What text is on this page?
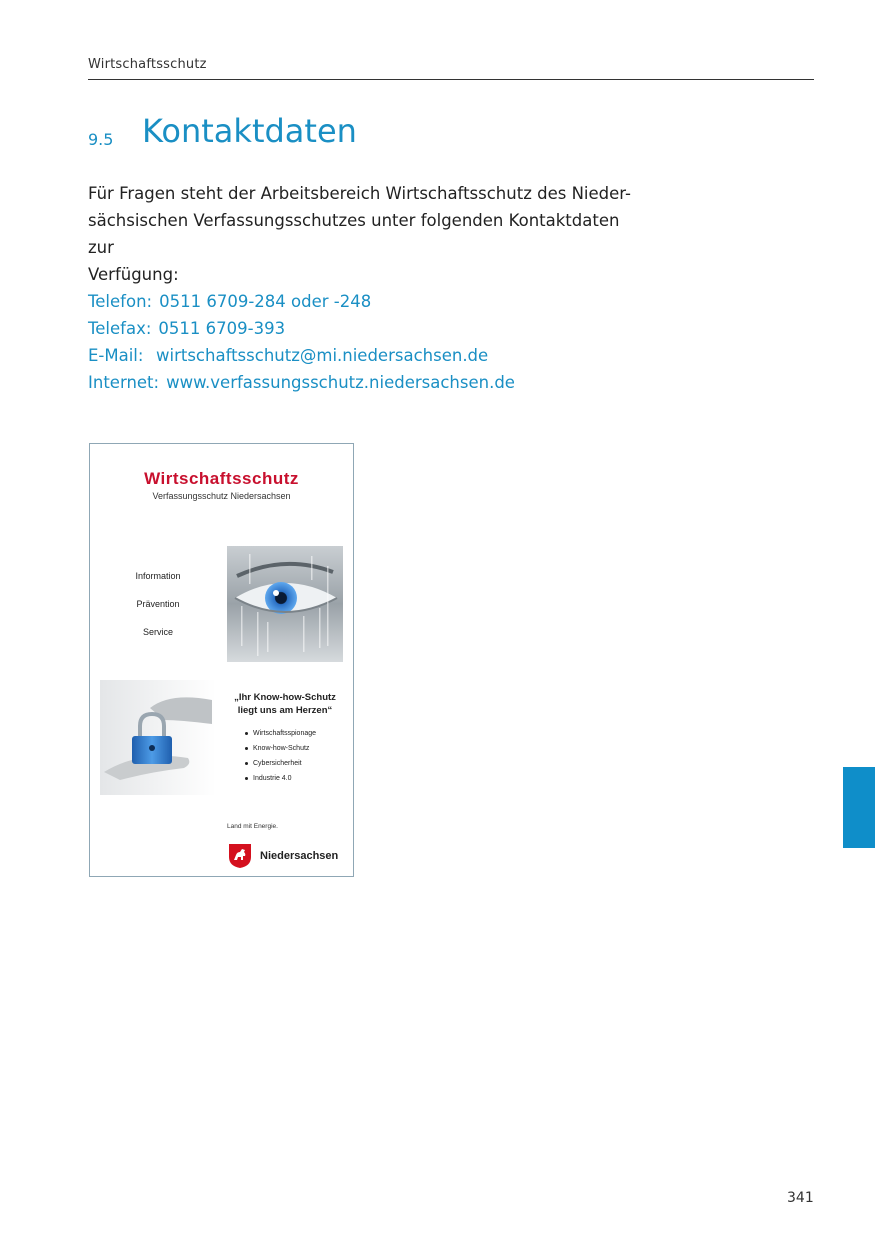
Wirtschaftsschutz
9.5 Kontaktdaten

Für Fragen steht der Arbeitsbereich Wirtschaftsschutz des Nieder-

sächsischen Verfassungsschutzes unter folgenden Kontaktdaten zur

Verfügung:

Telefon: 0511 6709-284 oder -248
Telefax: 0511 6709-393
E-Mail: wirtschaftsschutz@mi.niedersachsen.de
Internet: www.verfassungsschutz.niedersachsen.de
Wirtschaftsschutz
Verfassungsschutz Niedersachsen
Information
Prävention
Service
„Ihr Know-how-Schutz
liegt uns am Herzen“
Wirtschaftsspionage
Know-how-Schutz
Cybersicherheit
Industrie 4.0
Land mit Energie.
Niedersachsen
341
